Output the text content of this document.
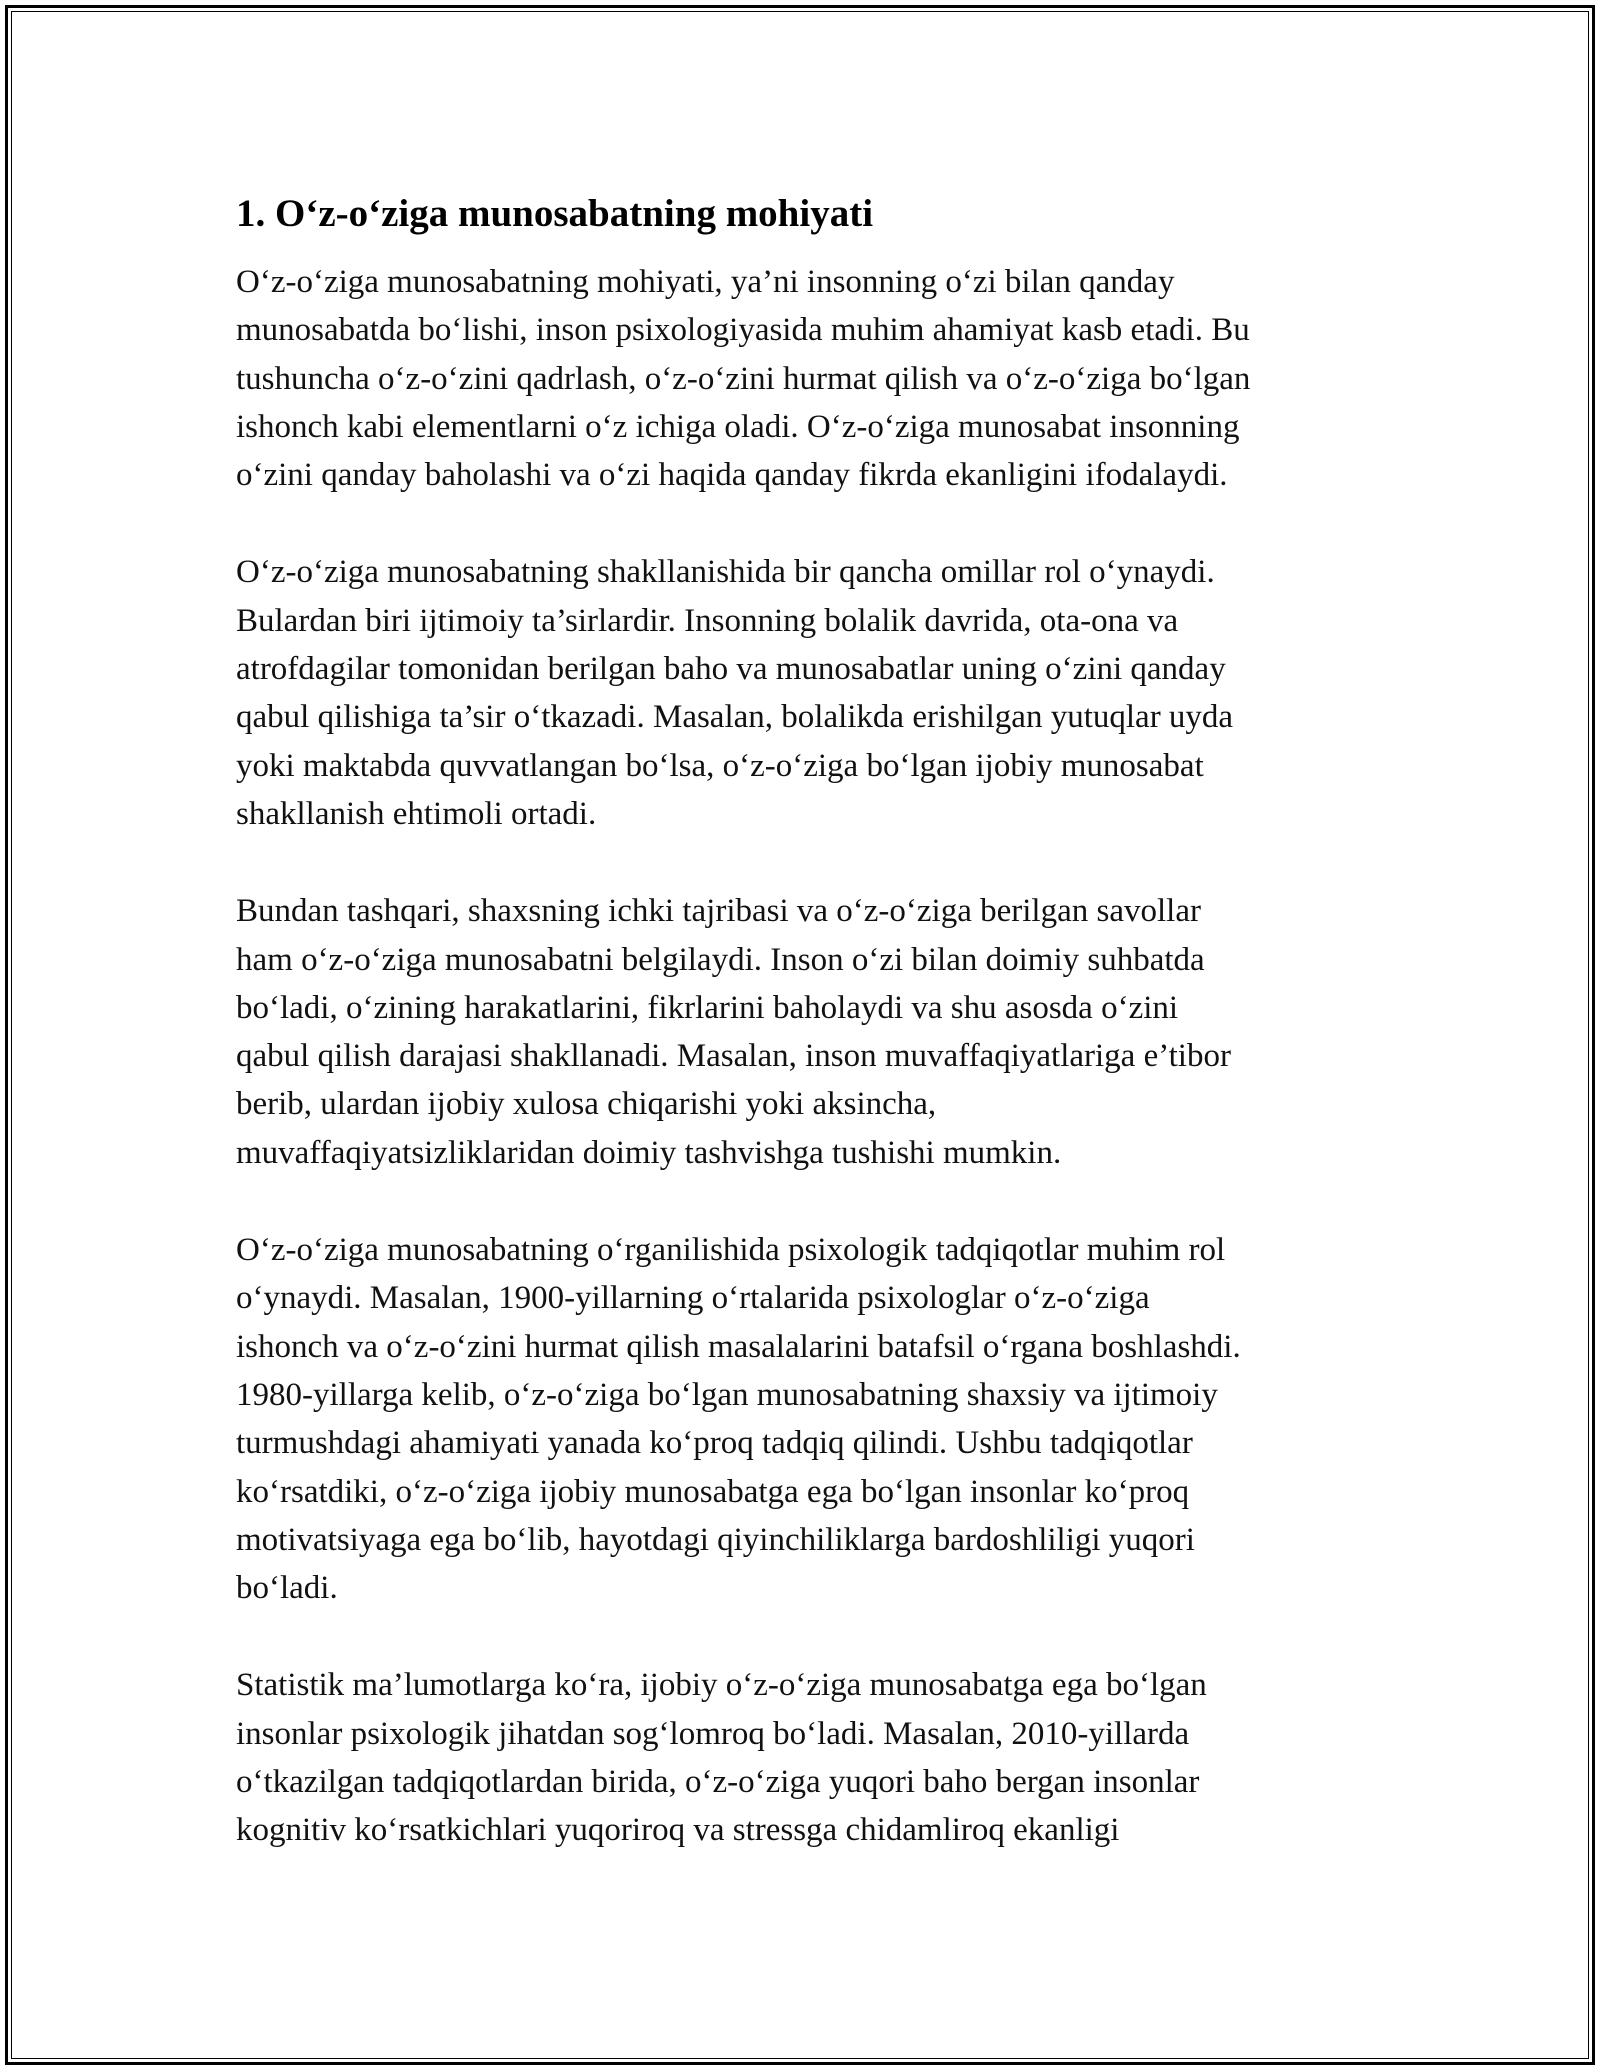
1. O‘z-o‘ziga munosabatning mohiyati

O‘z-o‘ziga munosabatning mohiyati, ya’ni insonning o‘zi bilan qanday
munosabatda bo‘lishi, inson psixologiyasida muhim ahamiyat kasb etadi. Bu
tushuncha o‘z-o‘zini qadrlash, o‘z-o‘zini hurmat qilish va o‘z-o‘ziga bo‘lgan
ishonch kabi elementlarni o‘z ichiga oladi. O‘z-o‘ziga munosabat insonning
o‘zini qanday baholashi va o‘zi haqida qanday fikrda ekanligini ifodalaydi.

O‘z-o‘ziga munosabatning shakllanishida bir qancha omillar rol o‘ynaydi.
Bulardan biri ijtimoiy ta’sirlardir. Insonning bolalik davrida, ota-ona va
atrofdagilar tomonidan berilgan baho va munosabatlar uning o‘zini qanday
qabul qilishiga ta’sir o‘tkazadi. Masalan, bolalikda erishilgan yutuqlar uyda
yoki maktabda quvvatlangan bo‘lsa, o‘z-o‘ziga bo‘lgan ijobiy munosabat
shakllanish ehtimoli ortadi.

Bundan tashqari, shaxsning ichki tajribasi va o‘z-o‘ziga berilgan savollar
ham o‘z-o‘ziga munosabatni belgilaydi. Inson o‘zi bilan doimiy suhbatda
bo‘ladi, o‘zining harakatlarini, fikrlarini baholaydi va shu asosda o‘zini
qabul qilish darajasi shakllanadi. Masalan, inson muvaffaqiyatlariga e’tibor
berib, ulardan ijobiy xulosa chiqarishi yoki aksincha,
muvaffaqiyatsizliklaridan doimiy tashvishga tushishi mumkin.

O‘z-o‘ziga munosabatning o‘rganilishida psixologik tadqiqotlar muhim rol
o‘ynaydi. Masalan, 1900-yillarning o‘rtalarida psixologlar o‘z-o‘ziga
ishonch va o‘z-o‘zini hurmat qilish masalalarini batafsil o‘rgana boshlashdi.
1980-yillarga kelib, o‘z-o‘ziga bo‘lgan munosabatning shaxsiy va ijtimoiy
turmushdagi ahamiyati yanada ko‘proq tadqiq qilindi. Ushbu tadqiqotlar
ko‘rsatdiki, o‘z-o‘ziga ijobiy munosabatga ega bo‘lgan insonlar ko‘proq
motivatsiyaga ega bo‘lib, hayotdagi qiyinchiliklarga bardoshliligi yuqori
bo‘ladi.

Statistik ma’lumotlarga ko‘ra, ijobiy o‘z-o‘ziga munosabatga ega bo‘lgan
insonlar psixologik jihatdan sog‘lomroq bo‘ladi. Masalan, 2010-yillarda
o‘tkazilgan tadqiqotlardan birida, o‘z-o‘ziga yuqori baho bergan insonlar
kognitiv ko‘rsatkichlari yuqoriroq va stressga chidamliroq ekanligi
